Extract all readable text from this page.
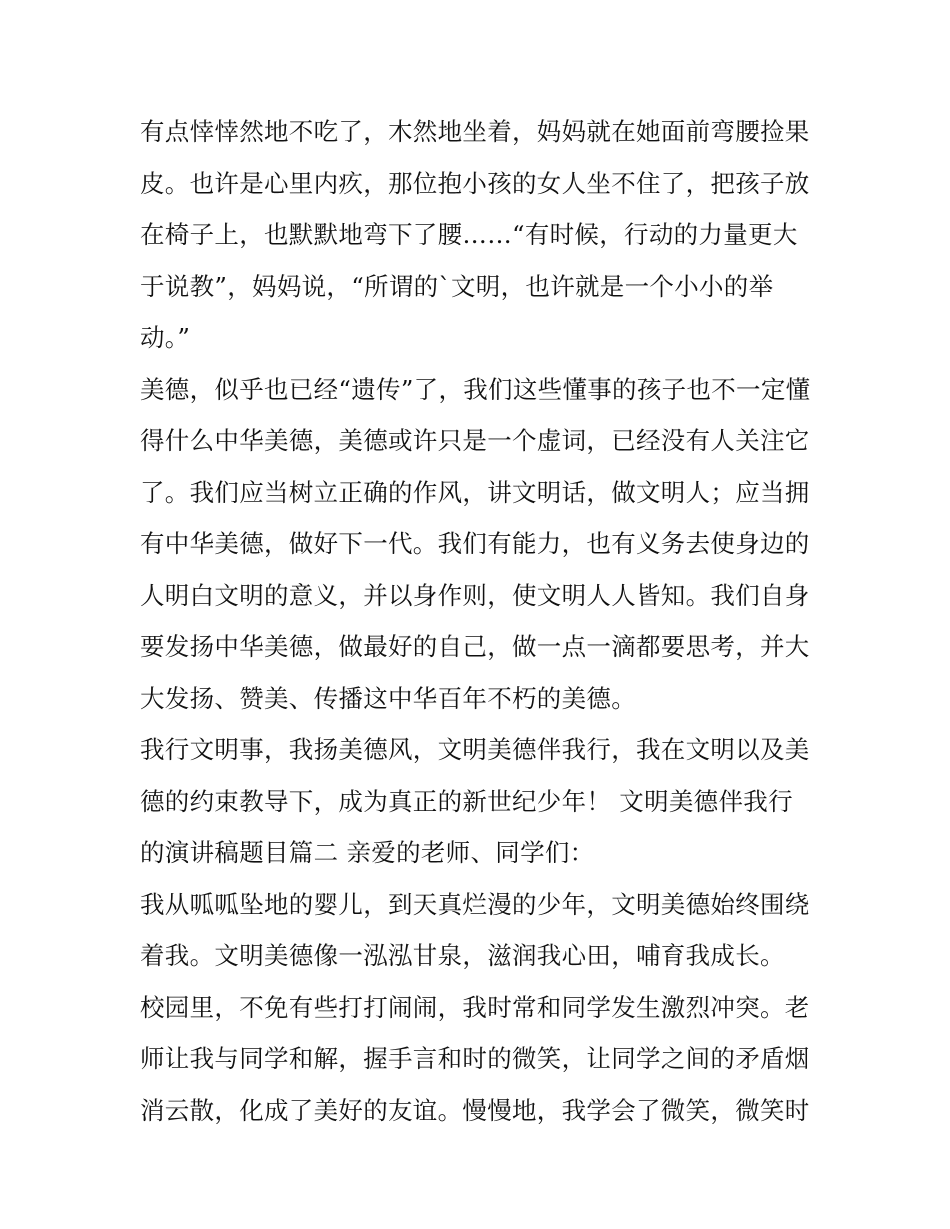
有点悻悻然地不吃了，木然地坐着，妈妈就在她面前弯腰捡果
皮。也许是心里内疚，那位抱小孩的女人坐不住了，把孩子放
在椅子上，也默默地弯下了腰……“有时候，行动的力量更大
于说教”，妈妈说，“所谓的`文明，也许就是一个小小的举
动。”
美德，似乎也已经“遗传”了，我们这些懂事的孩子也不一定懂
得什么中华美德，美德或许只是一个虚词，已经没有人关注它
了。我们应当树立正确的作风，讲文明话，做文明人；应当拥
有中华美德，做好下一代。我们有能力，也有义务去使身边的
人明白文明的意义，并以身作则，使文明人人皆知。我们自身
要发扬中华美德，做最好的自己，做一点一滴都要思考，并大
大发扬、赞美、传播这中华百年不朽的美德。
我行文明事，我扬美德风，文明美德伴我行，我在文明以及美
德的约束教导下，成为真正的新世纪少年！ 文明美德伴我行
的演讲稿题目篇二 亲爱的老师、同学们：
我从呱呱坠地的婴儿，到天真烂漫的少年，文明美德始终围绕
着我。文明美德像一泓泓甘泉，滋润我心田，哺育我成长。
校园里，不免有些打打闹闹，我时常和同学发生激烈冲突。老
师让我与同学和解，握手言和时的微笑，让同学之间的矛盾烟
消云散，化成了美好的友谊。慢慢地，我学会了微笑，微笑时
